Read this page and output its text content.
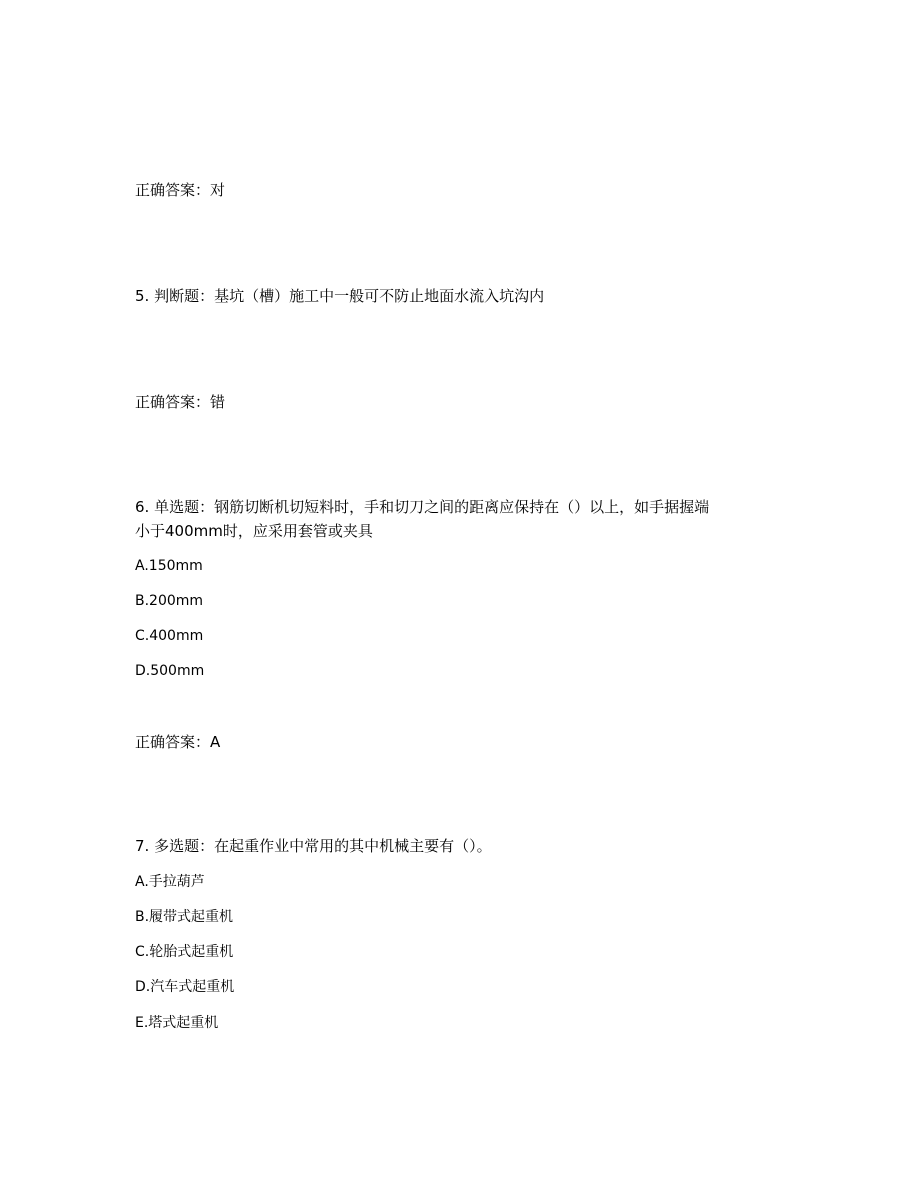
正确答案：对
5. 判断题：基坑（槽）施工中一般可不防止地面水流入坑沟内
正确答案：错
6. 单选题：钢筋切断机切短料时，手和切刀之间的距离应保持在（）以上，如手据握端
小于400mm时，应采用套管或夹具
A.150mm
B.200mm
C.400mm
D.500mm
正确答案：A
7. 多选题：在起重作业中常用的其中机械主要有（）。
A.手拉葫芦
B.履带式起重机
C.轮胎式起重机
D.汽车式起重机
E.塔式起重机
